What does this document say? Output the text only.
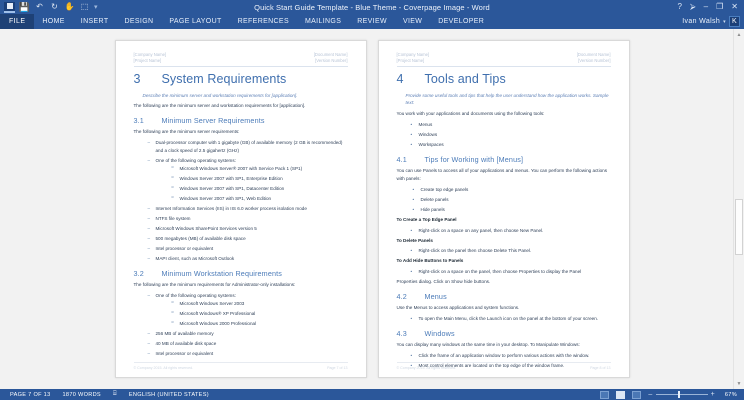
💾 ↶ ↻ ✋ ⬚ ▾	Quick Start Guide Template - Blue Theme - Coverpage Image - Word	? ⮚ – ❐ ✕
FILE	HOME	INSERT	DESIGN	PAGE LAYOUT	REFERENCES	MAILINGS	REVIEW	VIEW	DEVELOPER	Ivan Walsh ▾ K
[Company Name]
[Project Name]
[Document Name]
[Version Number]
3	System Requirements
Describe the minimum server and workstation requirements for [application].
The following are the minimum server and workstation requirements for [application].
3.1	Minimum Server Requirements
The following are the minimum server requirements:
– Dual-processor computer with 1 gigabyte (GB) of available memory (2 GB is recommended) and a clock speed of 2.5 gigahertz (GHz)
– One of the following operating systems:
o Microsoft Windows Server® 2007 with Service Pack 1 (SP1)
o Windows Server 2007 with SP1, Enterprise Edition
o Windows Server 2007 with SP1, Datacenter Edition
o Windows Server 2007 with SP1, Web Edition
– Internet Information Services (IIS) in IIS 6.0 worker process isolation mode
– NTFS file system
– Microsoft Windows SharePoint Services version 5
– 500 megabytes (MB) of available disk space
– Intel processor or equivalent
– MAPI client, such as Microsoft Outlook
3.2	Minimum Workstation Requirements
The following are the minimum requirements for Administrator-only installations:
– One of the following operating systems:
o Microsoft Windows Server 2003
o Microsoft Windows® XP Professional
o Microsoft Windows 2000 Professional
– 256 MB of available memory
– 40 MB of available disk space
– Intel processor or equivalent
© Company 2015. All rights reserved.	Page 7 of 13
[Company Name]
[Project Name]
[Document Name]
[Version Number]
4	Tools and Tips
Provide some useful tools and tips that help the user understand how the application works. Sample text:
You work with your applications and documents using the following tools:
• Menus
• Windows
• Workspaces
4.1	Tips for Working with [Menus]
You can use Panels to access all of your applications and menus. You can perform the following actions with panels:
• Create top edge panels
• Delete panels
• Hide panels
To Create a Top Edge Panel
• Right-click on a space on any panel, then choose New Panel.
To Delete Panels
• Right-click on the panel then choose Delete This Panel.
To Add Hide Buttons to Panels
• Right-click on a space on the panel, then choose Properties to display the Panel
Properties dialog. Click on Show hide buttons.
4.2	Menus
Use the Menus to access applications and system functions.
• To open the Main Menu, click the Launch icon on the panel at the bottom of your screen.
4.3	Windows
You can display many windows at the same time in your desktop. To Manipulate Windows:
• Click the frame of an application window to perform various actions with the window.
• Most control elements are located on the top edge of the window frame.
© Company 2015. All rights reserved.	Page 8 of 13
▲
▼
PAGE 7 OF 13	1870 WORDS	⌸	ENGLISH (UNITED STATES)	–	+	67%
